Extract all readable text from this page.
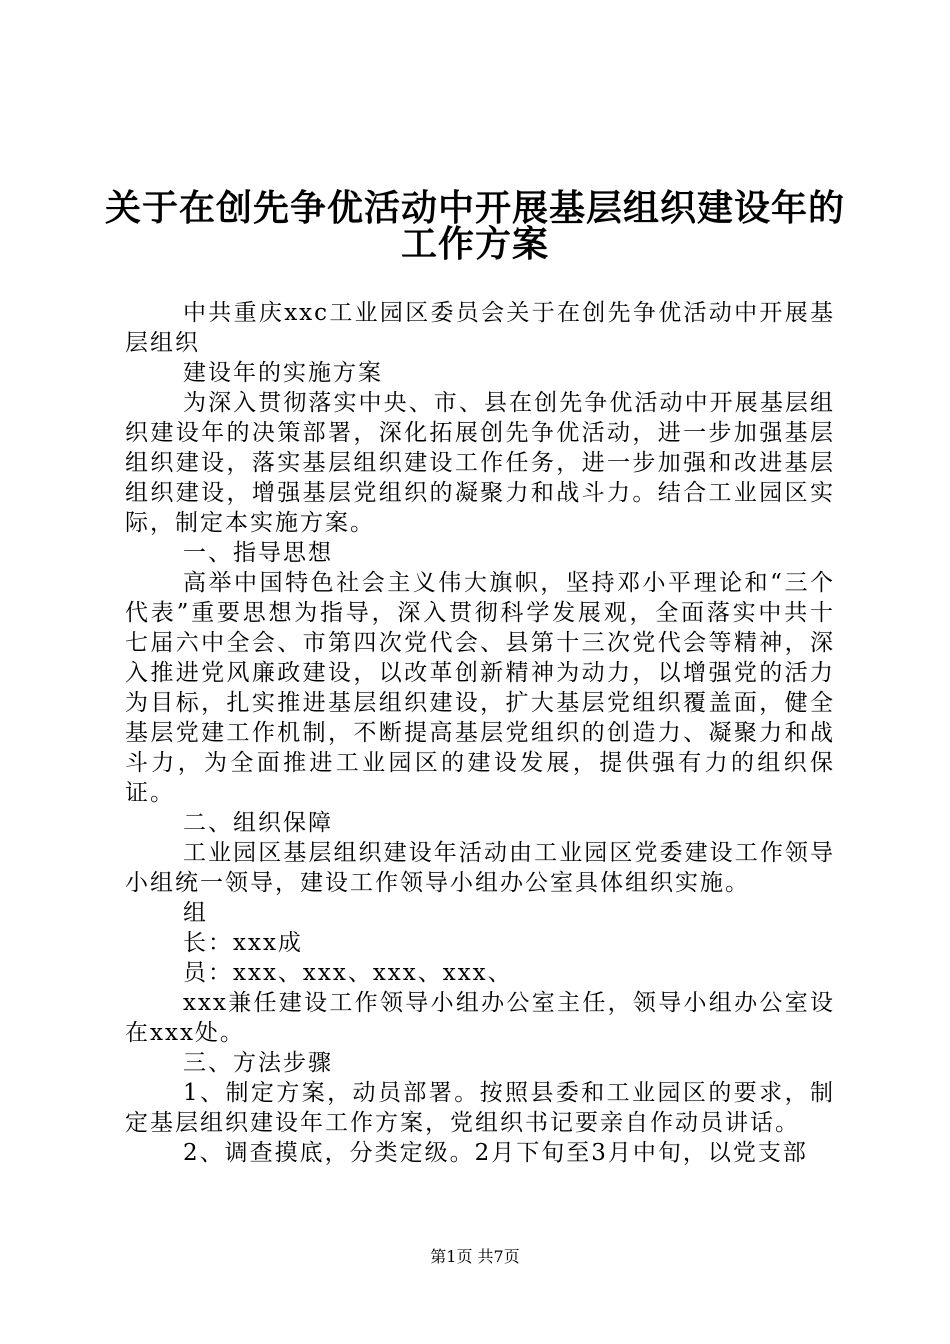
关于在创先争优活动中开展基层组织建设年的
工作方案

中共重庆xxc工业园区委员会关于在创先争优活动中开展基层组织

建设年的实施方案

为深入贯彻落实中央、市、县在创先争优活动中开展基层组织建设年的决策部署，深化拓展创先争优活动，进一步加强基层组织建设，落实基层组织建设工作任务，进一步加强和改进基层组织建设，增强基层党组织的凝聚力和战斗力。结合工业园区实际，制定本实施方案。

一、指导思想

高举中国特色社会主义伟大旗帜，坚持邓小平理论和“三个代表”重要思想为指导，深入贯彻科学发展观，全面落实中共十七届六中全会、市第四次党代会、县第十三次党代会等精神，深入推进党风廉政建设，以改革创新精神为动力，以增强党的活力为目标，扎实推进基层组织建设，扩大基层党组织覆盖面，健全基层党建工作机制，不断提高基层党组织的创造力、凝聚力和战斗力，为全面推进工业园区的建设发展，提供强有力的组织保证。

二、组织保障

工业园区基层组织建设年活动由工业园区党委建设工作领导小组统一领导，建设工作领导小组办公室具体组织实施。

组

长：xxx成

员：xxx、xxx、xxx、xxx、

xxx兼任建设工作领导小组办公室主任，领导小组办公室设在xxx处。

三、方法步骤

1、制定方案，动员部署。按照县委和工业园区的要求，制定基层组织建设年工作方案，党组织书记要亲自作动员讲话。

2、调查摸底，分类定级。2月下旬至3月中旬，以党支部

第1页 共7页
